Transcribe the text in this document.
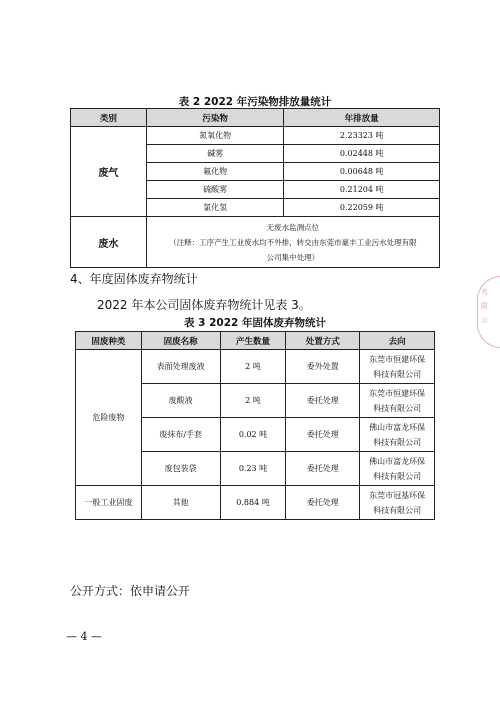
表 2 2022 年污染物排放量统计
类别	污染物	年排放量
废气	氮氧化物	2.23323 吨
	碱雾	0.02448 吨
	氟化物	0.00648 吨
	硫酸雾	0.21204 吨
	氯化氢	0.22059 吨
废水	无废水监测点位
（注释：工序产生工业废水均不外排，转交由东莞市豪丰工业污水处理有限
公司集中处理）	
4、年度固体废弃物统计
2022 年本公司固体废弃物统计见表 3。
表 3 2022 年固体废弃物统计
固废种类	固废名称	产生数量	处置方式	去向
危险废物	表面处理废液	2 吨	委外处置	东莞市恒建环保
科技有限公司

	废酸液	2 吨	委托处理	东莞市恒建环保
科技有限公司

	废抹布/手套	0.02 吨	委托处理	佛山市富龙环保
科技有限公司

	废包装袋	0.23 吨	委托处理	佛山市富龙环保
科技有限公司

一般工业固废	其他	0.884 吨	委托处理	东莞市冠基环保
科技有限公司
公开方式：依申请公开
— 4 —
有限公
